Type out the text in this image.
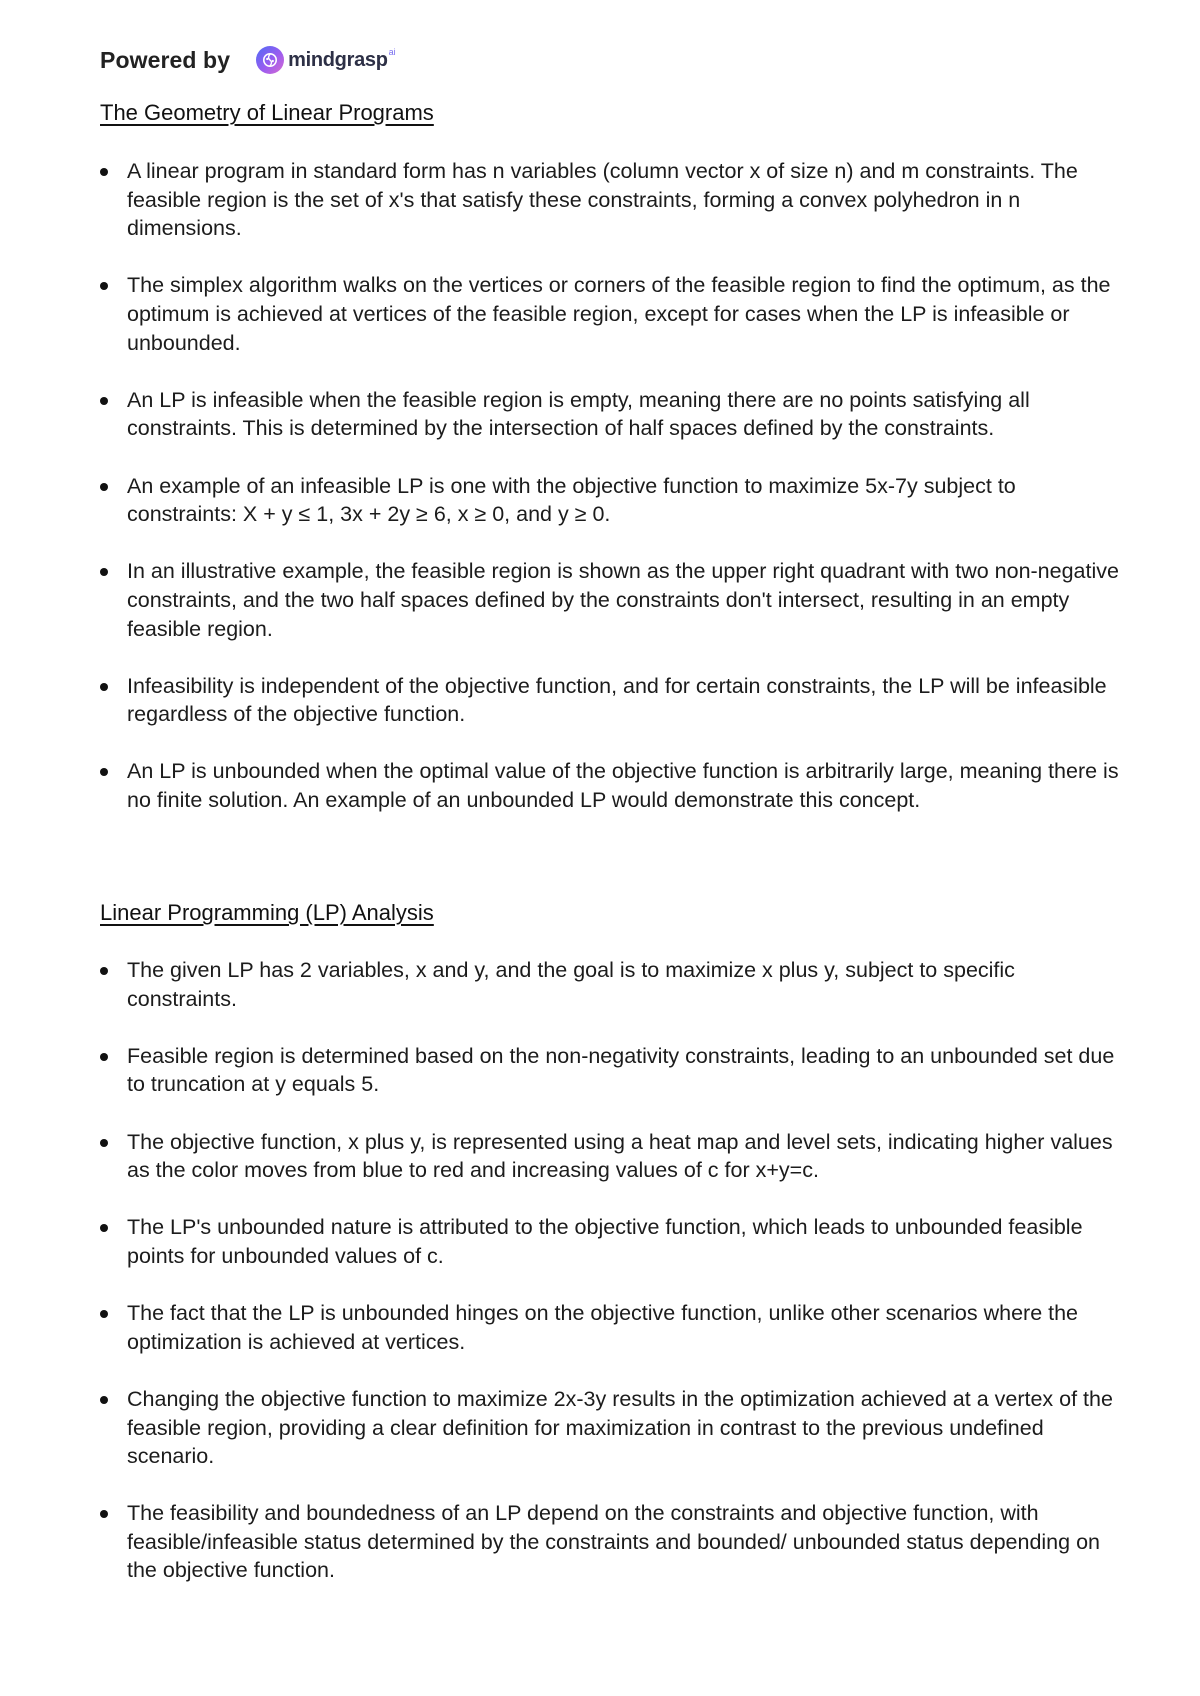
Powered by	mindgrasp ai
The Geometry of Linear Programs
A linear program in standard form has n variables (column vector x of size n) and m constraints. The feasible region is the set of x's that satisfy these constraints, forming a convex polyhedron in n dimensions.
The simplex algorithm walks on the vertices or corners of the feasible region to find the optimum, as the optimum is achieved at vertices of the feasible region, except for cases when the LP is infeasible or unbounded.
An LP is infeasible when the feasible region is empty, meaning there are no points satisfying all constraints. This is determined by the intersection of half spaces defined by the constraints.
An example of an infeasible LP is one with the objective function to maximize 5x-7y subject to constraints: X + y ≤ 1, 3x + 2y ≥ 6, x ≥ 0, and y ≥ 0.
In an illustrative example, the feasible region is shown as the upper right quadrant with two non-negative constraints, and the two half spaces defined by the constraints don't intersect, resulting in an empty feasible region.
Infeasibility is independent of the objective function, and for certain constraints, the LP will be infeasible regardless of the objective function.
An LP is unbounded when the optimal value of the objective function is arbitrarily large, meaning there is no finite solution. An example of an unbounded LP would demonstrate this concept.
Linear Programming (LP) Analysis
The given LP has 2 variables, x and y, and the goal is to maximize x plus y, subject to specific constraints.
Feasible region is determined based on the non-negativity constraints, leading to an unbounded set due to truncation at y equals 5.
The objective function, x plus y, is represented using a heat map and level sets, indicating higher values as the color moves from blue to red and increasing values of c for x+y=c.
The LP's unbounded nature is attributed to the objective function, which leads to unbounded feasible points for unbounded values of c.
The fact that the LP is unbounded hinges on the objective function, unlike other scenarios where the optimization is achieved at vertices.
Changing the objective function to maximize 2x-3y results in the optimization achieved at a vertex of the feasible region, providing a clear definition for maximization in contrast to the previous undefined scenario.
The feasibility and boundedness of an LP depend on the constraints and objective function, with feasible/infeasible status determined by the constraints and bounded/ unbounded status depending on the objective function.
